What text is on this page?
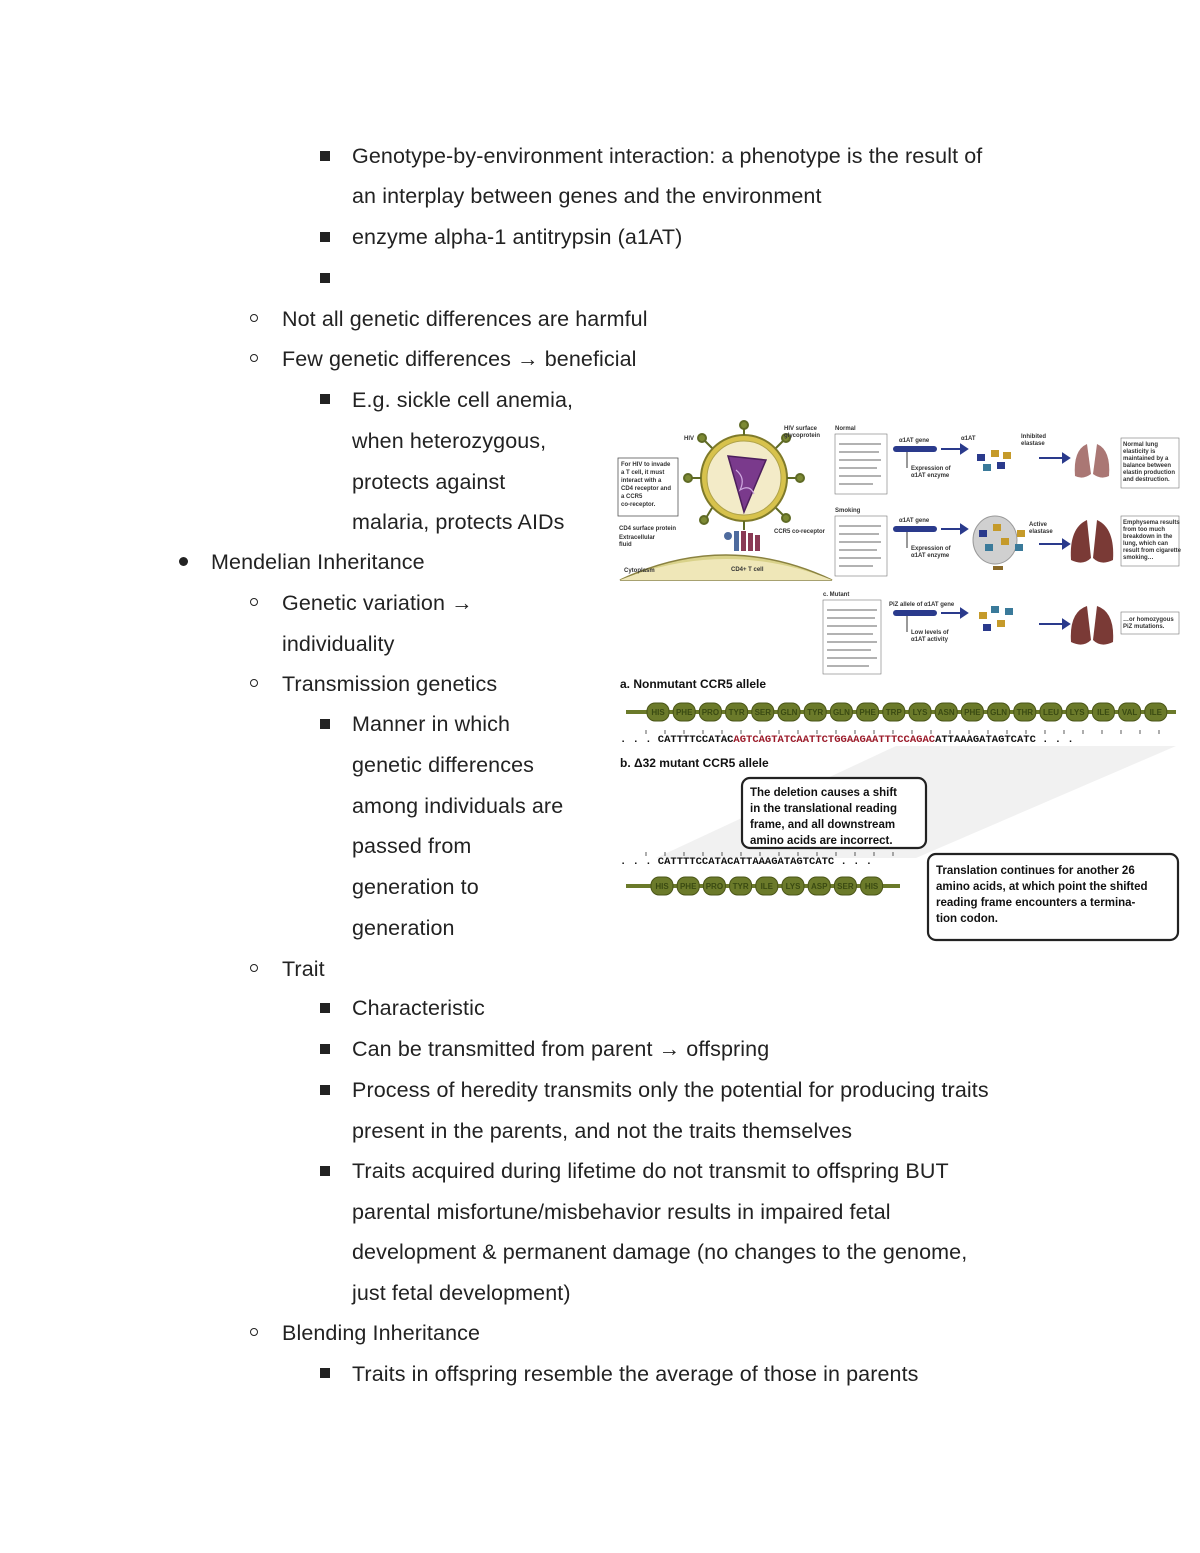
Genotype-by-environment interaction: a phenotype is the result of
an interplay between genes and the environment
enzyme alpha-1 antitrypsin (a1AT)
Not all genetic differences are harmful
Few genetic differences → beneficial
E.g. sickle cell anemia,
when heterozygous,
protects against
malaria, protects AIDs
Mendelian Inheritance
Genetic variation →
individuality
Transmission genetics
Manner in which
genetic differences
among individuals are
passed from
generation to
generation
Trait
Characteristic
Can be transmitted from parent → offspring
Process of heredity transmits only the potential for producing traits
present in the parents, and not the traits themselves
Traits acquired during lifetime do not transmit to offspring BUT
parental misfortune/misbehavior results in impaired fetal
development & permanent damage (no changes to the genome,
just fetal development)
Blending Inheritance
Traits in offspring resemble the average of those in parents
For HIV to invade
a T cell, it must
interact with a
CD4 receptor and
a CCR5
co-receptor.
HIV
HIV surface
glycoprotein
CD4 surface protein
Extracellular
fluid
CCR5 co-receptor
Cytoplasm	CD4+ T cell
Normal
Smoking
c. Mutant
α1AT gene
Expression of
α1AT enzyme
α1AT gene
Expression of
α1AT enzyme
PiZ allele of α1AT gene
Low levels of
α1AT activity
α1AT	Inhibited
elastase
Active
elastase
Normal lung
elasticity is
maintained by a
balance between
elastin production
and destruction.
Emphysema results
from too much
breakdown in the
lung, which can
result from cigarette
smoking…
…or homozygous
PiZ mutations.
a. Nonmutant CCR5 allele
HIS PHE PRO TYR SER GLN TYR GLN PHE TRP LYS ASN PHE GLN THR LEU LYS ILE VAL ILE
. . . CATTTTCCATACAGTCAGTATCAATTCTGGAAGAATTTCCAGACATTAAAGATAGTCATC . . .
b. Δ32 mutant CCR5 allele
The deletion causes a shift
in the translational reading
frame, and all downstream
amino acids are incorrect.
. . . CATTTTCCATACATTAAAGATAGTCATC . . .
HIS PHE PRO TYR ILE LYS ASP SER HIS
Translation continues for another 26
amino acids, at which point the shifted
reading frame encounters a termina-
tion codon.
